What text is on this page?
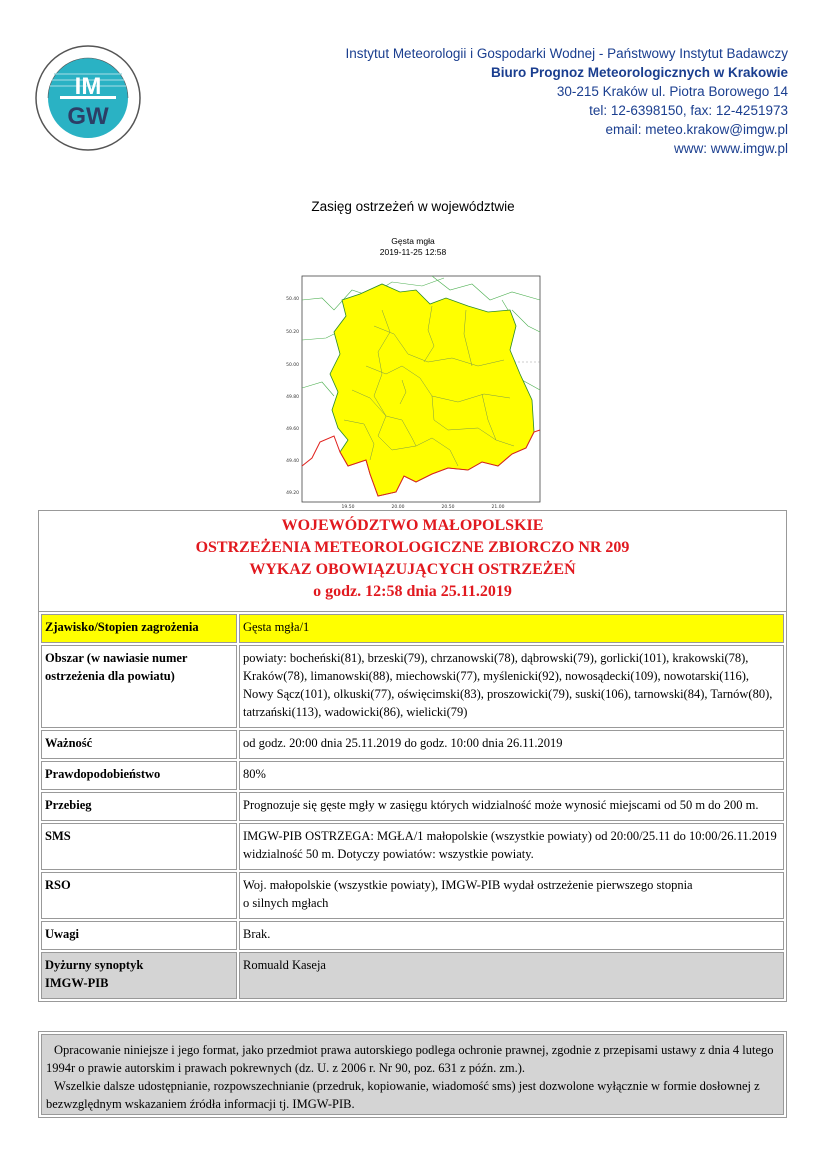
IM
GW
Instytut Meteorologii i Gospodarki Wodnej - Państwowy Instytut Badawczy
Biuro Prognoz Meteorologicznych w Krakowie
30-215 Kraków ul. Piotra Borowego 14
tel: 12-6398150, fax: 12-4251973
email: meteo.krakow@imgw.pl
www: www.imgw.pl
Zasięg ostrzeżeń w województwie
Gęsta mgła
2019-11-25 12:58
50.40
50.20
50.00
49.80
49.60
49.40
49.20
19.50	20.00	20.50	21.00
WOJEWÓDZTWO MAŁOPOLSKIE
OSTRZEŻENIA METEOROLOGICZNE ZBIORCZO NR 209
WYKAZ OBOWIĄZUJĄCYCH OSTRZEŻEŃ
o godz. 12:58 dnia 25.11.2019
Zjawisko/Stopien zagrożenia	Gęsta mgła/1
Obszar (w nawiasie numer ostrzeżenia dla powiatu)	powiaty: bocheński(81), brzeski(79), chrzanowski(78), dąbrowski(79), gorlicki(101), krakowski(78), Kraków(78), limanowski(88), miechowski(77), myślenicki(92), nowosądecki(109), nowotarski(116), Nowy Sącz(101), olkuski(77), oświęcimski(83), proszowicki(79), suski(106), tarnowski(84), Tarnów(80), tatrzański(113), wadowicki(86), wielicki(79)
Ważność	od godz. 20:00 dnia 25.11.2019 do godz. 10:00 dnia 26.11.2019
Prawdopodobieństwo	80%
Przebieg	Prognozuje się gęste mgły w zasięgu których widzialność może wynosić miejscami od 50 m do 200 m.
SMS	IMGW-PIB OSTRZEGA: MGŁA/1 małopolskie (wszystkie powiaty) od 20:00/25.11 do 10:00/26.11.2019 widzialność 50 m. Dotyczy powiatów: wszystkie powiaty.
RSO	Woj. małopolskie (wszystkie powiaty), IMGW-PIB wydał ostrzeżenie pierwszego stopnia
o silnych mgłach

Uwagi	Brak.

Dyżurny synoptyk
IMGW-PIB	Romuald Kaseja

Opracowanie niniejsze i jego format, jako przedmiot prawa autorskiego podlega ochronie prawnej, zgodnie z przepisami ustawy z dnia 4 lutego 1994r o prawie autorskim i prawach pokrewnych (dz. U. z 2006 r. Nr 90, poz. 631 z późn. zm.).

Wszelkie dalsze udostępnianie, rozpowszechnianie (przedruk, kopiowanie, wiadomość sms) jest dozwolone wyłącznie w formie dosłownej z bezwzględnym wskazaniem źródła informacji tj. IMGW-PIB.
